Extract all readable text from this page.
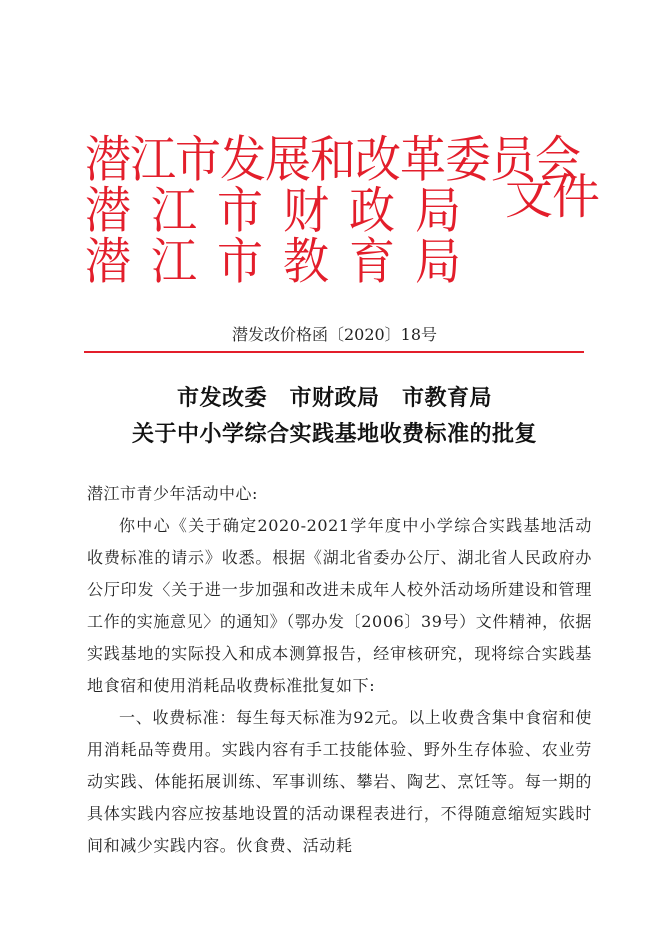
潜江市发展和改革委员会
潜江市财政局
潜江市教育局
文件
潜发改价格函〔2020〕18号
市发改委　市财政局　市教育局
关于中小学综合实践基地收费标准的批复

潜江市青少年活动中心:

你中心《关于确定2020-2021学年度中小学综合实践基地活动收费标准的请示》收悉。根据《湖北省委办公厅、湖北省人民政府办公厅印发〈关于进一步加强和改进未成年人校外活动场所建设和管理工作的实施意见〉的通知》（鄂办发〔2006〕39号）文件精神，依据实践基地的实际投入和成本测算报告，经审核研究，现将综合实践基地食宿和使用消耗品收费标准批复如下:

一、收费标准：每生每天标准为92元。以上收费含集中食宿和使用消耗品等费用。实践内容有手工技能体验、野外生存体验、农业劳动实践、体能拓展训练、军事训练、攀岩、陶艺、烹饪等。每一期的具体实践内容应按基地设置的活动课程表进行，不得随意缩短实践时间和减少实践内容。伙食费、活动耗
